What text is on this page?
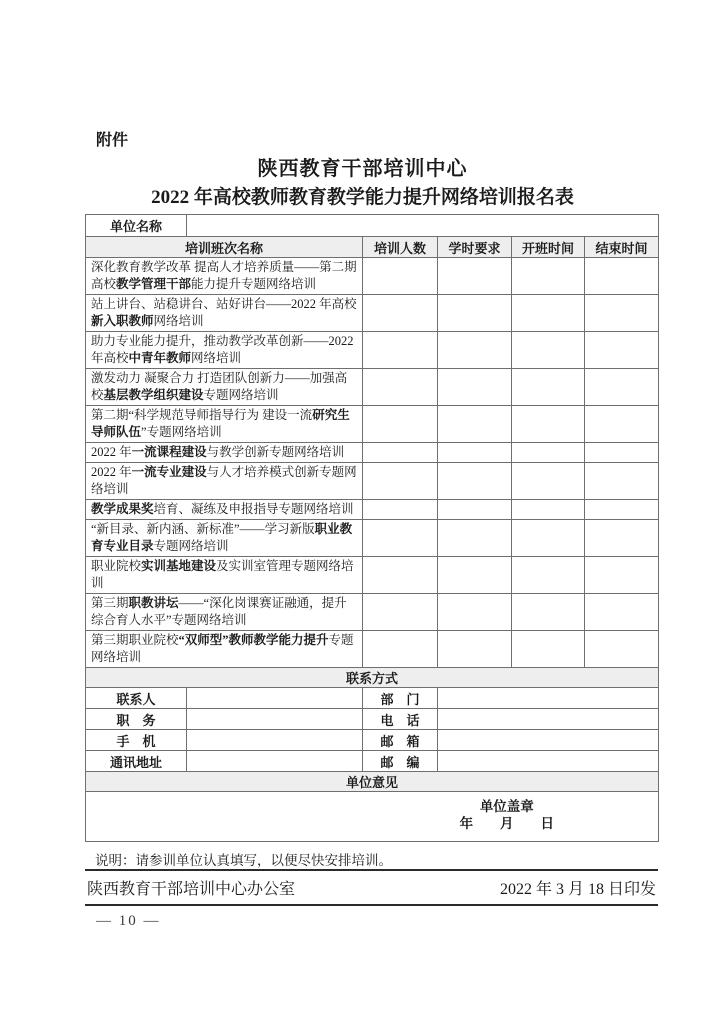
附件
陕西教育干部培训中心
2022 年高校教师教育教学能力提升网络培训报名表
单位名称					
培训班次名称		培训人数	学时要求	开班时间	结束时间
深化教育教学改革 提高人才培养质量——第二期高校教学管理干部能力提升专题网络培训					
站上讲台、站稳讲台、站好讲台——2022 年高校新入职教师网络培训					
助力专业能力提升，推动教学改革创新——2022 年高校中青年教师网络培训					
激发动力 凝聚合力 打造团队创新力——加强高校基层教学组织建设专题网络培训					
第二期“科学规范导师指导行为 建设一流研究生导师队伍”专题网络培训					
2022 年一流课程建设与教学创新专题网络培训					
2022 年一流专业建设与人才培养模式创新专题网络培训					
教学成果奖培育、凝练及申报指导专题网络培训					
“新目录、新内涵、新标准”——学习新版职业教育专业目录专题网络培训					
职业院校实训基地建设及实训室管理专题网络培训					
第三期职教讲坛——“深化岗课赛证融通，提升综合育人水平”专题网络培训					
第三期职业院校“双师型”教师教学能力提升专题网络培训					
联系方式					
联系人		部　门			
职　务		电　话			
手　机		邮　箱			
通讯地址		邮　编			
单位意见					

单位盖章
年　　月　　日					
说明：请参训单位认真填写，以便尽快安排培训。
陕西教育干部培训中心办公室	2022 年 3 月 18 日印发
— 10 —
